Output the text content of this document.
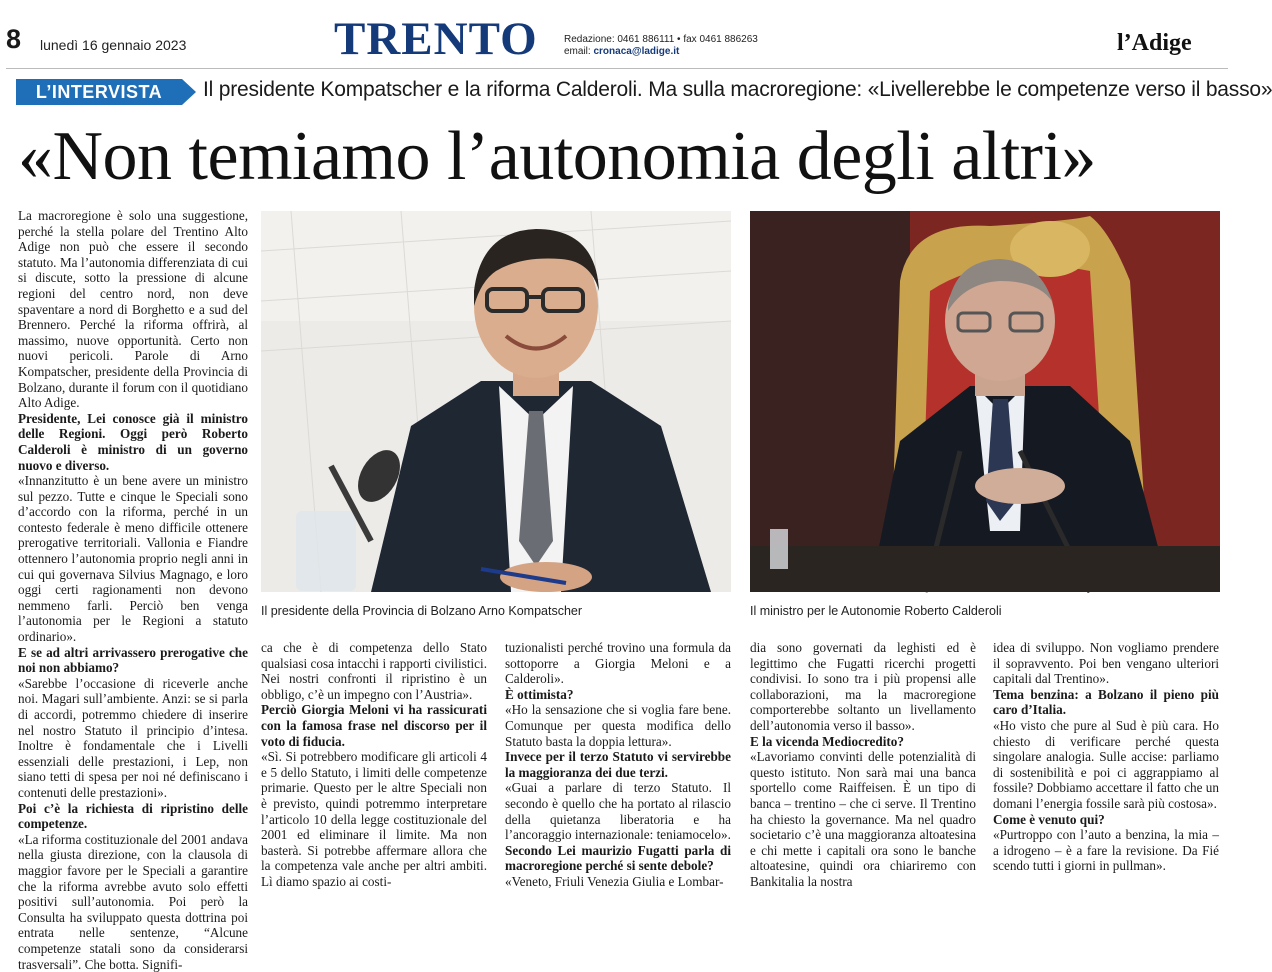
8 lunedì 16 gennaio 2023	TRENTO	Redazione: 0461 886111 • fax 0461 886263
email: cronaca@ladige.it	l’Adige
L’INTERVISTA	Il presidente Kompatscher e la riforma Calderoli. Ma sulla macroregione: «Livellerebbe le competenze verso il basso»
«Non temiamo l’autonomia degli altri»

La macroregione è solo una suggestione, perché la stella polare del Trentino Alto Adige non può che essere il secondo statuto. Ma l’autonomia differenziata di cui si discute, sotto la pressione di alcune regioni del centro nord, non deve spaventare a nord di Borghetto e a sud del Brennero. Perché la riforma offrirà, al massimo, nuove opportunità. Certo non nuovi pericoli. Parole di Arno Kompatscher, presidente della Provincia di Bolzano, durante il forum con il quotidiano Alto Adige.

Presidente, Lei conosce già il ministro delle Regioni. Oggi però Roberto Calderoli è ministro di un governo nuovo e diverso.

«Innanzitutto è un bene avere un ministro sul pezzo. Tutte e cinque le Speciali sono d’accordo con la riforma, perché in un contesto federale è meno difficile ottenere prerogative territoriali. Vallonia e Fiandre ottennero l’autonomia proprio negli anni in cui qui governava Silvius Magnago, e loro oggi certi ragionamenti non devono nemmeno farli. Perciò ben venga l’autonomia per le Regioni a statuto ordinario».

E se ad altri arrivassero prerogative che noi non abbiamo?

«Sarebbe l’occasione di riceverle anche noi. Magari sull’ambiente. Anzi: se si parla di accordi, potremmo chiedere di inserire nel nostro Statuto il principio d’intesa. Inoltre è fondamentale che i Livelli essenziali delle prestazioni, i Lep, non siano tetti di spesa per noi né definiscano i contenuti delle prestazioni».

Poi c’è la richiesta di ripristino delle competenze.

«La riforma costituzionale del 2001 andava nella giusta direzione, con la clausola di maggior favore per le Speciali a garantire che la riforma avrebbe avuto solo effetti positivi sull’autonomia. Poi però la Consulta ha sviluppato questa dottrina poi entrata nelle sentenze, “Alcune competenze statali sono da considerarsi trasversali”. Che botta. Signifi-

Il presidente della Provincia di Bolzano Arno Kompatscher	Il ministro per le Autonomie Roberto Calderoli

ca che è di competenza dello Stato qualsiasi cosa intacchi i rapporti civilistici. Nei nostri confronti il ripristino è un obbligo, c’è un impegno con l’Austria».

Perciò Giorgia Meloni vi ha rassicurati con la famosa frase nel discorso per il voto di fiducia.

«Sì. Si potrebbero modificare gli articoli 4 e 5 dello Statuto, i limiti delle competenze primarie. Questo per le altre Speciali non è previsto, quindi potremmo interpretare l’articolo 10 della legge costituzionale del 2001 ed eliminare il limite. Ma non basterà. Si potrebbe affermare allora che la competenza vale anche per altri ambiti. Lì diamo spazio ai costi-

tuzionalisti perché trovino una formula da sottoporre a Giorgia Meloni e a Calderoli».

È ottimista?

«Ho la sensazione che si voglia fare bene. Comunque per questa modifica dello Statuto basta la doppia lettura».

Invece per il terzo Statuto vi servirebbe la maggioranza dei due terzi.

«Guai a parlare di terzo Statuto. Il secondo è quello che ha portato al rilascio della quietanza liberatoria e ha l’ancoraggio internazionale: teniamocelo».

Secondo Lei maurizio Fugatti parla di macroregione perché si sente debole?

«Veneto, Friuli Venezia Giulia e Lombar-

dia sono governati da leghisti ed è legittimo che Fugatti ricerchi progetti condivisi. Io sono tra i più propensi alle collaborazioni, ma la macroregione comporterebbe soltanto un livellamento dell’autonomia verso il basso».

E la vicenda Mediocredito?

«Lavoriamo convinti delle potenzialità di questo istituto. Non sarà mai una banca sportello come Raiffeisen. È un tipo di banca – trentino – che ci serve. Il Trentino ha chiesto la governance. Ma nel quadro societario c’è una maggioranza altoatesina e chi mette i capitali ora sono le banche altoatesine, quindi ora chiariremo con Bankitalia la nostra

idea di sviluppo. Non vogliamo prendere il sopravvento. Poi ben vengano ulteriori capitali dal Trentino».

Tema benzina: a Bolzano il pieno più caro d’Italia.

«Ho visto che pure al Sud è più cara. Ho chiesto di verificare perché questa singolare analogia. Sulle accise: parliamo di sostenibilità e poi ci aggrappiamo al fossile? Dobbiamo accettare il fatto che un domani l’energia fossile sarà più costosa».

Come è venuto qui?

«Purtroppo con l’auto a benzina, la mia – a idrogeno – è a fare la revisione. Da Fié scendo tutti i giorni in pullman».
